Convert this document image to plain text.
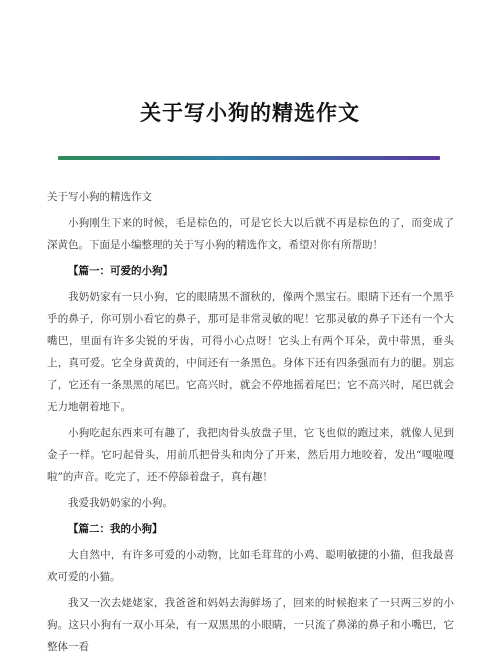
关于写小狗的精选作文

关于写小狗的精选作文

小狗刚生下来的时候，毛是棕色的，可是它长大以后就不再是棕色的了，而变成了深黄色。下面是小编整理的关于写小狗的精选作文，希望对你有所帮助！

【篇一：可爱的小狗】

我奶奶家有一只小狗，它的眼睛黑不溜秋的，像两个黑宝石。眼睛下还有一个黑乎乎的鼻子，你可别小看它的鼻子，那可是非常灵敏的呢！它那灵敏的鼻子下还有一个大嘴巴，里面有许多尖锐的牙齿，可得小心点呀！它头上有两个耳朵，黄中带黑，垂头上，真可爱。它全身黄黄的，中间还有一条黑色。身体下还有四条强而有力的腿。别忘了，它还有一条黑黑的尾巴。它高兴时，就会不停地摇着尾巴；它不高兴时，尾巴就会无力地朝着地下。

小狗吃起东西来可有趣了，我把肉骨头放盘子里，它飞也似的跑过来，就像人见到金子一样。它叼起骨头，用前爪把骨头和肉分了开来，然后用力地咬着，发出“嘎啦嘎啦”的声音。吃完了，还不停舔着盘子，真有趣！

我爱我奶奶家的小狗。

【篇二：我的小狗】

大自然中，有许多可爱的小动物，比如毛茸茸的小鸡、聪明敏捷的小猫，但我最喜欢可爱的小猫。

我又一次去姥姥家，我爸爸和妈妈去海鲜场了，回来的时候抱来了一只两三岁的小狗。这只小狗有一双小耳朵，有一双黑黑的小眼睛，一只流了鼻涕的鼻子和小嘴巴，它整体一看
